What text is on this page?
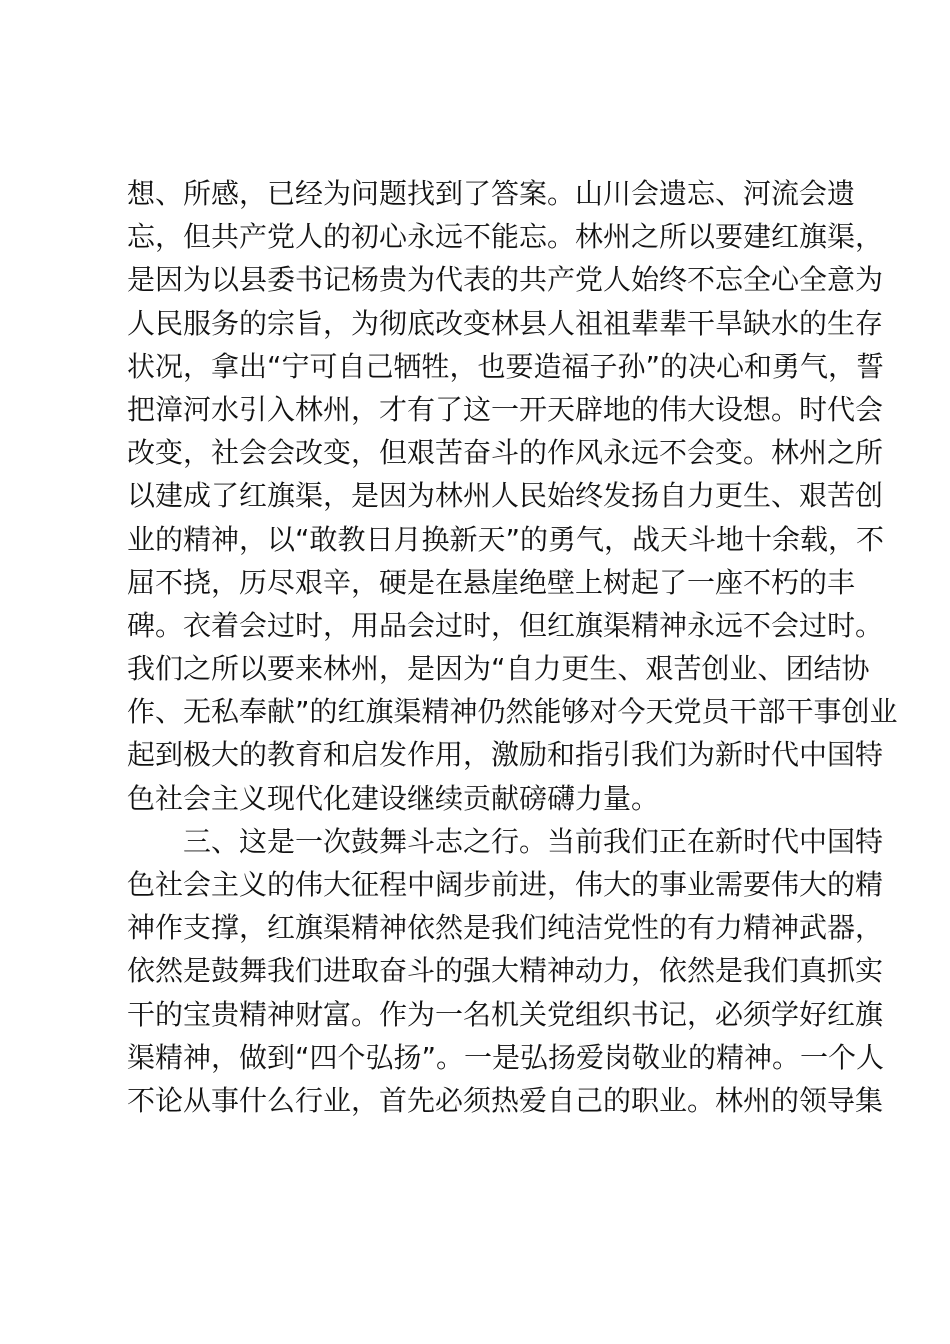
想、所感，已经为问题找到了答案。山川会遗忘、河流会遗
忘，但共产党人的初心永远不能忘。林州之所以要建红旗渠，
是因为以县委书记杨贵为代表的共产党人始终不忘全心全意为
人民服务的宗旨，为彻底改变林县人祖祖辈辈干旱缺水的生存
状况，拿出“宁可自己牺牲，也要造福子孙”的决心和勇气，誓
把漳河水引入林州，才有了这一开天辟地的伟大设想。时代会
改变，社会会改变，但艰苦奋斗的作风永远不会变。林州之所
以建成了红旗渠，是因为林州人民始终发扬自力更生、艰苦创
业的精神，以“敢教日月换新天”的勇气，战天斗地十余载，不
屈不挠，历尽艰辛，硬是在悬崖绝壁上树起了一座不朽的丰
碑。衣着会过时，用品会过时，但红旗渠精神永远不会过时。
我们之所以要来林州，是因为“自力更生、艰苦创业、团结协
作、无私奉献”的红旗渠精神仍然能够对今天党员干部干事创业
起到极大的教育和启发作用，激励和指引我们为新时代中国特
色社会主义现代化建设继续贡献磅礴力量。
三、这是一次鼓舞斗志之行。当前我们正在新时代中国特
色社会主义的伟大征程中阔步前进，伟大的事业需要伟大的精
神作支撑，红旗渠精神依然是我们纯洁党性的有力精神武器，
依然是鼓舞我们进取奋斗的强大精神动力，依然是我们真抓实
干的宝贵精神财富。作为一名机关党组织书记，必须学好红旗
渠精神，做到“四个弘扬”。一是弘扬爱岗敬业的精神。一个人
不论从事什么行业，首先必须热爱自己的职业。林州的领导集
